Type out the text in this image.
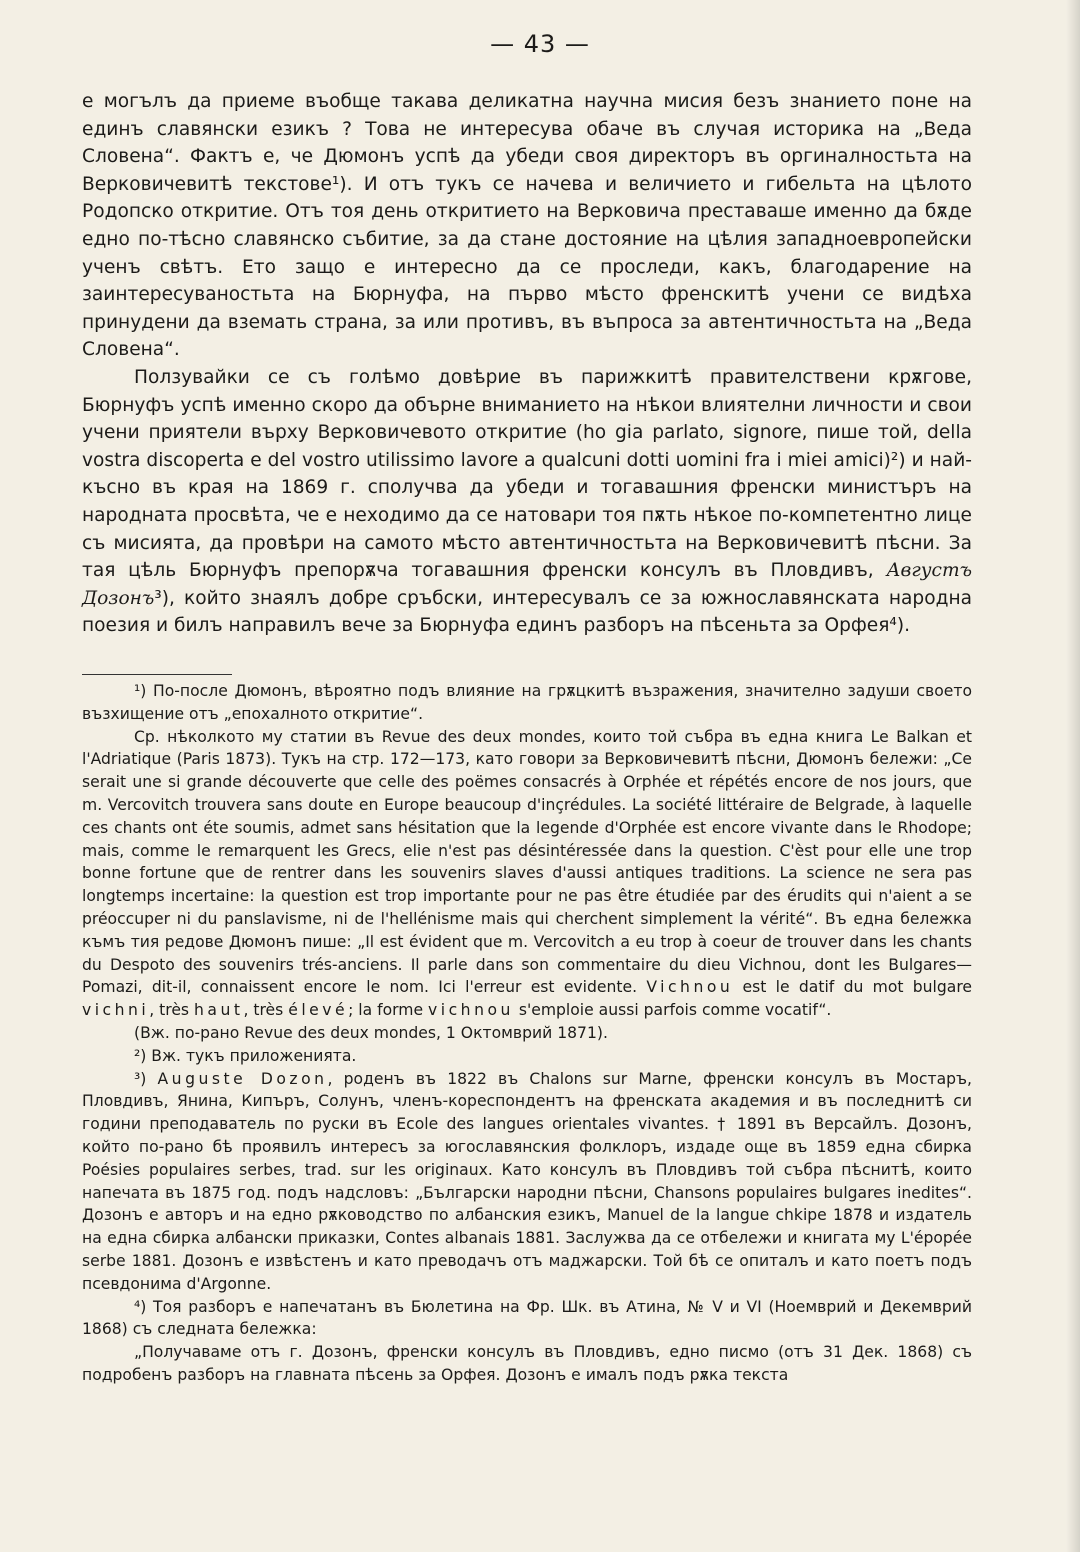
— 43 —

е могълъ да приеме въобще такава деликатна научна мисия безъ знанието поне на единъ славянски езикъ ? Това не интересува обаче въ случая историка на „Веда Словена“. Фактъ е, че Дюмонъ успѣ да убеди своя директоръ въ оргиналностьта на Верковичевитѣ текстове¹). И отъ тукъ се начева и величието и гибельта на цѣлото Родопско откритие. Отъ тоя день откритието на Верковича преставаше именно да бѫде едно по-тѣсно славянско събитие, за да стане достояние на цѣлия западноевропейски ученъ свѣтъ. Ето защо е интересно да се проследи, какъ, благодарение на заинтересуваностьта на Бюрнуфа, на първо мѣсто френскитѣ учени се видѣха принудени да вземать страна, за или противъ, въ въпроса за автентичностьта на „Веда Словена“.

Ползувайки се съ голѣмо довѣрие въ парижкитѣ правителствени крѫгове, Бюрнуфъ успѣ именно скоро да обърне вниманието на нѣкои влиятелни личности и свои учени приятели върху Верковичевото откритие (ho gia parlato, signore, пише той, della vostra discoperta e del vostro utilissimo lavore a qualcuni dotti uomini fra i miei amici)²) и най-късно въ края на 1869 г. сполучва да убеди и тогавашния френски министъръ на народната просвѣта, че е неходимо да се натовари тоя пѫть нѣкое по-компетентно лице съ мисията, да провѣри на самото мѣсто автентичностьта на Верковичевитѣ пѣсни. За тая цѣль Бюрнуфъ препорѫча тогавашния френски консулъ въ Пловдивъ, Августъ Дозонъ³), който знаялъ добре сръбски, интересувалъ се за южнославянската народна поезия и билъ направилъ вече за Бюрнуфа единъ разборъ на пѣсеньта за Орфея⁴).

¹) По-после Дюмонъ, вѣроятно подъ влияние на грѫцкитѣ възражения, значително задуши своето възхищение отъ „епохалното откритие“.

Ср. нѣколкото му статии въ Revue des deux mondes, които той събра въ една книга Le Balkan et l'Adriatique (Paris 1873). Тукъ на стр. 172—173, като говори за Верковичевитѣ пѣсни, Дюмонъ бележи: „Ce serait une si grande découverte que celle des poëmes consacrés à Orphée et répétés encore de nos jours, que m. Vercovitch trouvera sans doute en Europe beaucoup d'inçrédules. La société littéraire de Belgrade, à laquelle ces chants ont éte soumis, admet sans hésitation que la legende d'Orphée est encore vivante dans le Rhodope; mais, comme le remarquent les Grecs, elie n'est pas désintéressée dans la question. C'èst pour elle une trop bonne fortune que de rentrer dans les souvenirs slaves d'aussi antiques traditions. La science ne sera pas longtemps incertaine: la question est trop importante pour ne pas être étudiée par des érudits qui n'aient a se préoccuper ni du panslavisme, ni de l'hellénisme mais qui cherchent simplement la vérité“. Въ една бележка къмъ тия редове Дюмонъ пише: „Il est évident que m. Vercovitch a eu trop à coeur de trouver dans les chants du Despoto des souvenirs trés-anciens. Il parle dans son commentaire du dieu Vichnou, dont les Bulgares—Pomazi, dit-il, connaissent encore le nom. Ici l'erreur est evidente. Vichnou est le datif du mot bulgare vichni, très haut, très élevé; la forme vichnou s'emploie aussi parfois comme vocatif“.

(Вж. по-рано Revue des deux mondes, 1 Октомврий 1871).

²) Вж. тукъ приложенията.

³) Auguste Dozon, роденъ въ 1822 въ Chalons sur Marne, френски консулъ въ Мостаръ, Пловдивъ, Янина, Кипъръ, Солунъ, членъ-кореспондентъ на френската академия и въ последнитѣ си години преподаватель по руски въ Ecole des langues orientales vivantes. † 1891 въ Версайлъ. Дозонъ, който по-рано бѣ проявилъ интересъ за югославянския фолклоръ, издаде още въ 1859 една сбирка Poésies populaires serbes, trad. sur les originaux. Като консулъ въ Пловдивъ той събра пѣснитѣ, които напечата въ 1875 год. подъ надсловъ: „Български народни пѣсни, Chansons populaires bulgares inedites“. Дозонъ е авторъ и на едно рѫководство по албанския езикъ, Manuel de la langue chkipe 1878 и издатель на една сбирка албански приказки, Contes albanais 1881. Заслужва да се отбележи и книгата му L'épopée serbe 1881. Дозонъ е извѣстенъ и като преводачъ отъ маджарски. Той бѣ се опиталъ и като поетъ подъ псевдонима d'Argonne.

⁴) Тоя разборъ е напечатанъ въ Бюлетина на Фр. Шк. въ Атина, № V и VI (Ноемврий и Декемврий 1868) съ следната бележка:

„Получаваме отъ г. Дозонъ, френски консулъ въ Пловдивъ, едно писмо (отъ 31 Дек. 1868) съ подробенъ разборъ на главната пѣсень за Орфея. Дозонъ е ималъ подъ рѫка текста
